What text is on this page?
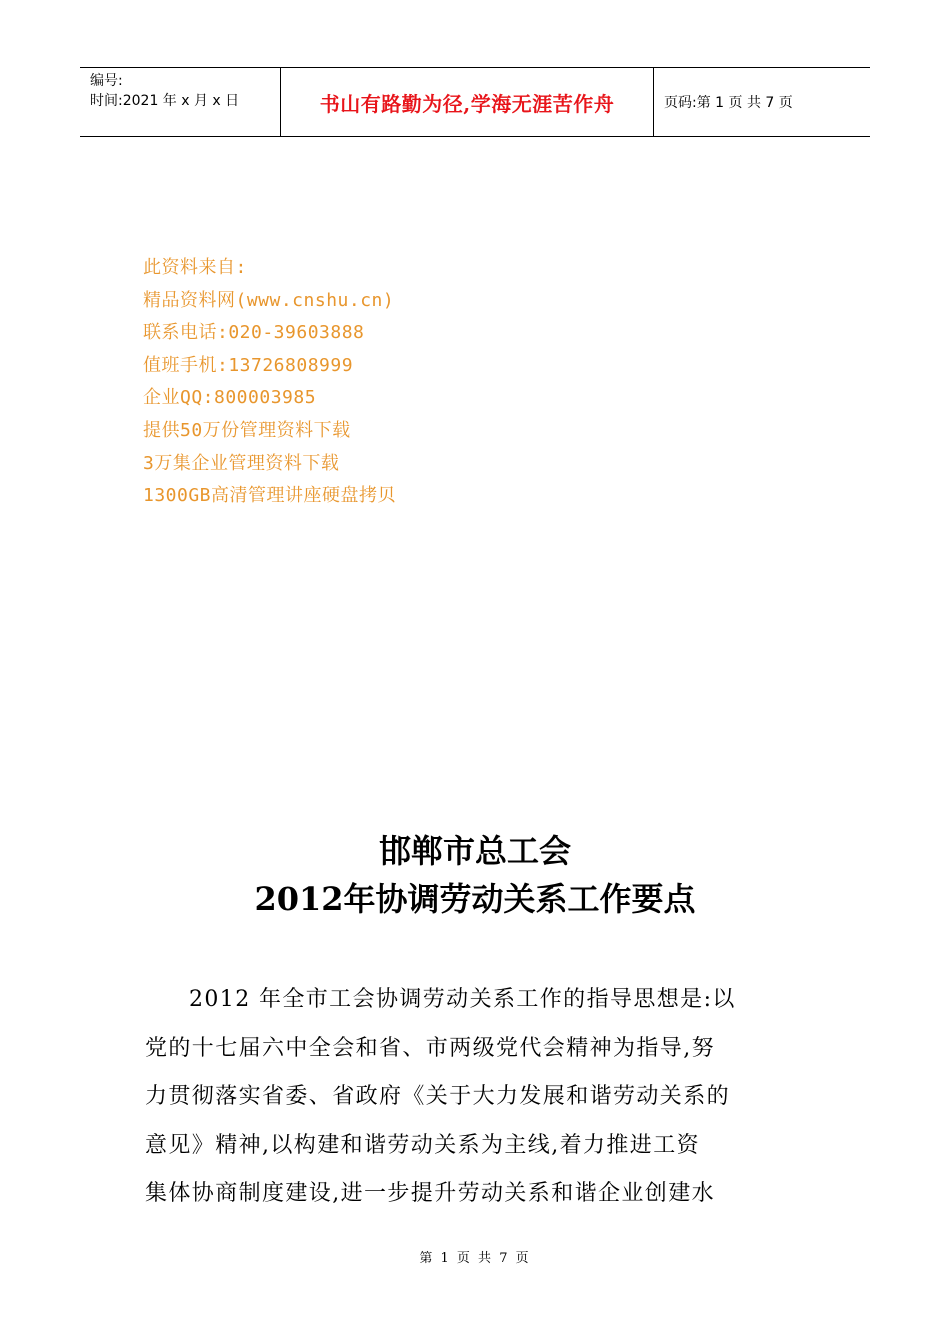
编号:
时间:2021 年 x 月 x 日	书山有路勤为径,学海无涯苦作舟	页码:第 1 页 共 7 页
此资料来自:
精品资料网(www.cnshu.cn)
联系电话:020-39603888
值班手机:13726808999
企业QQ:800003985
提供50万份管理资料下载
3万集企业管理资料下载
1300GB高清管理讲座硬盘拷贝
邯郸市总工会
2012年协调劳动关系工作要点
2012 年全市工会协调劳动关系工作的指导思想是:以
党的十七届六中全会和省、市两级党代会精神为指导,努
力贯彻落实省委、省政府《关于大力发展和谐劳动关系的
意见》精神,以构建和谐劳动关系为主线,着力推进工资
集体协商制度建设,进一步提升劳动关系和谐企业创建水
第 1 页 共 7 页
